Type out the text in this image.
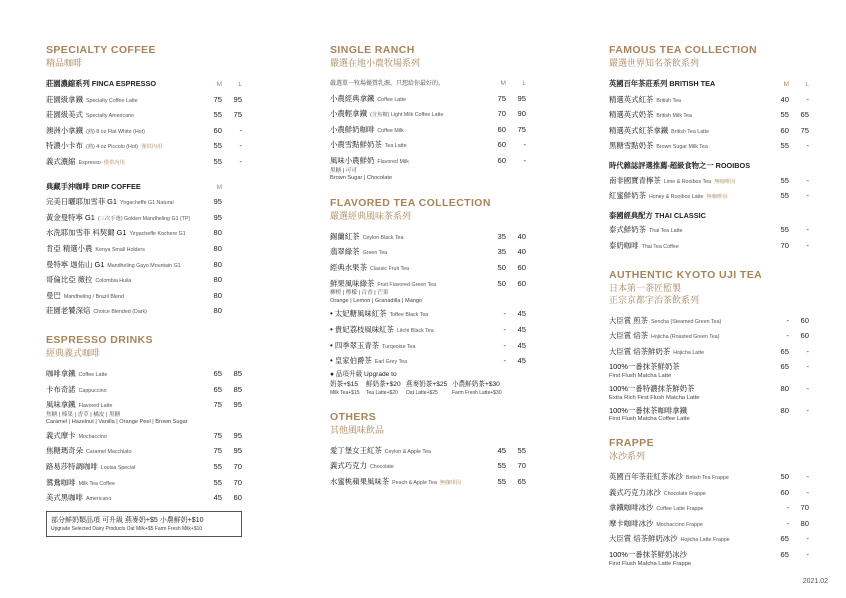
SPECIALTY COFFEE
精品咖啡
莊園濃縮系列 FINCA ESPRESSO	M	L
莊園級拿鐵 Specialty Coffee Latte	75	95
莊園級美式 Specialty Americano	55	75
澳洲小拿鐵 (熱) 8 oz Flat White (Hot)	60	-
特濃小卡布 (熱) 4 oz Piccolo (Hot) 僅供內用	55	-
義式濃縮 Espresso 僅供內用	55	-
典藏手沖咖啡 DRIP COFFEE	M
完美日曬耶加雪菲 G1 Yirgacheffe G1 Natural	95
黃金曼特寧 G1 (三次手選) Golden Mandheling G1 (TP)	95
水洗耶加雪菲 科契爾 G1 Yirgacheffe Kochere G1	80
肯亞 精選小農 Kenya Small Holders	80
曼特寧 迦佑山 G1 Mandheling Gayo Mountain G1	80
哥倫比亞 薇拉 Colombia Huila	80
曼巴 Mandheling / Brazil Blend	80
莊園老饕深焙 Choice Blended (Dark)	80
ESPRESSO DRINKS
經典義式咖啡
咖啡拿鐵 Coffee Latte	65	85
卡布奇諾 Cappuccino	65	85
風味拿鐵 Flavored Latte	75	95
焦糖 | 榛果 | 香草 | 橘皮 | 黑糖
Caramel | Hazelnut | Vanilla | Orange Peel | Brown Sugar
義式摩卡 Mochaccino	75	95
焦糖瑪奇朵 Caramel Macchiato	75	95
路易莎特調咖啡 Louisa Special	55	70
鴛鴦咖啡 Milk Tea Coffee	55	70
美式黑咖啡 Americano	45	60
部分鮮奶類品項 可升級 燕麥奶+$5 小農鮮奶+$10
Upgrade Selected Dairy Products Oat Milk+$5 Farm Fresh Milk+$10
SINGLE RANCH
嚴選在地小農牧場系列
嚴選單一牧場優質乳源，只想給你最好的。	M	L
小農經典拿鐵 Coffee Latte	75	95
小農輕拿鐵 (含焦糖) Light Milk Coffee Latte	70	90
小農鮮奶咖啡 Coffee Milk	60	75
小農雪點鮮奶茶 Tea Latte	60	-
風味小農鮮奶 Flavored Milk	60	-
黑糖 | 可可
Brown Sugar | Chocolate
FLAVORED TEA COLLECTION
嚴選經典風味茶系列
錫蘭紅茶 Ceylon Black Tea	35	40
翡翠綠茶 Green Tea	35	40
經典水果茶 Classic Fruit Tea	50	60
鮮果風味綠茶 Fruit Flavored Green Tea	50	60
柳橙 | 檸檬 | 百香 | 芒果
Orange | Lemon | Granadilla | Mango
• 太妃糖風味紅茶 Toffee Black Tea	-	45
• 貴妃荔枝風味紅茶 Litchi Black Tea	-	45
• 四季翠玉青茶 Turqeoise Tea	-	45
• 皇家伯爵茶 Earl Grey Tea	-	45
● 品項升級 Upgrade to
奶茶+$15 鮮奶茶+$20 燕麥奶茶+$25 小農鮮奶茶+$30
Milk Tea+$15 Tea Latte+$20 Oat Latte+$25	Farm Fresh Latte+$30
OTHERS
其他風味飲品
愛丁堡女王紅茶 Ceylon & Apple Tea	45	55
義式巧克力 Chocolate	55	70
水蜜桃蘋果風味茶 Peach & Apple Tea 無咖啡因	55	65
FAMOUS TEA COLLECTION
嚴選世界知名茶飲系列
英國百年茶莊系列 BRITISH TEA	M	L
精選英式紅茶 British Tea	40	-
精選英式奶茶 British Milk Tea	55	65
精選英式紅茶拿鐵 British Tea Latte	60	75
黑糖雪點奶茶 Brown Sugar Milk Tea	55	-
時代雜誌評選推薦-超級食物之一 ROOIBOS
南非國寶青檸茶 Lime & Rooibos Tea 無咖啡因	55	-
紅蜜鮮奶茶 Honey & Rooibos Latte 無咖啡因	55	-
泰國經典配方 THAI CLASSIC
泰式鮮奶茶 Thai Tea Latte	55	-
泰奶咖啡 Thai Tea Coffee	70	-
AUTHENTIC KYOTO UJI TEA
日本第一茶匠監製
正宗京都宇治茶飲系列
大臣賞 煎茶 Sencha (Steamed Green Tea)	-	60
大臣賞 焙茶 Hojicha (Roasted Green Tea)	-	60
大臣賞 焙茶鮮奶茶 Hojicha Latte	65	-
100%一番抹茶鮮奶茶	65	-
First Flush Matcha Latte
100%一番特濃抹茶鮮奶茶	80	-
Extra Rich First Flush Matcha Latte
100%一番抹茶咖啡拿鐵	80	-
First Flush Matcha Coffee Latte
FRAPPE
冰沙系列
英國百年茶莊紅茶冰沙 British Tea Frappe	50	-
義式巧克力冰沙 Chocolate Frappe	60	-
拿鐵咖啡冰沙 Coffee Latte Frappe	-	70
摩卡咖啡冰沙 Mochaccino Frappe	-	80
大臣賞 焙茶鮮奶冰沙 Hojicha Latte Frappe	65	-
100%一番抹茶鮮奶冰沙	65	-
First Flush Matcha Latte Frappe
2021.02
